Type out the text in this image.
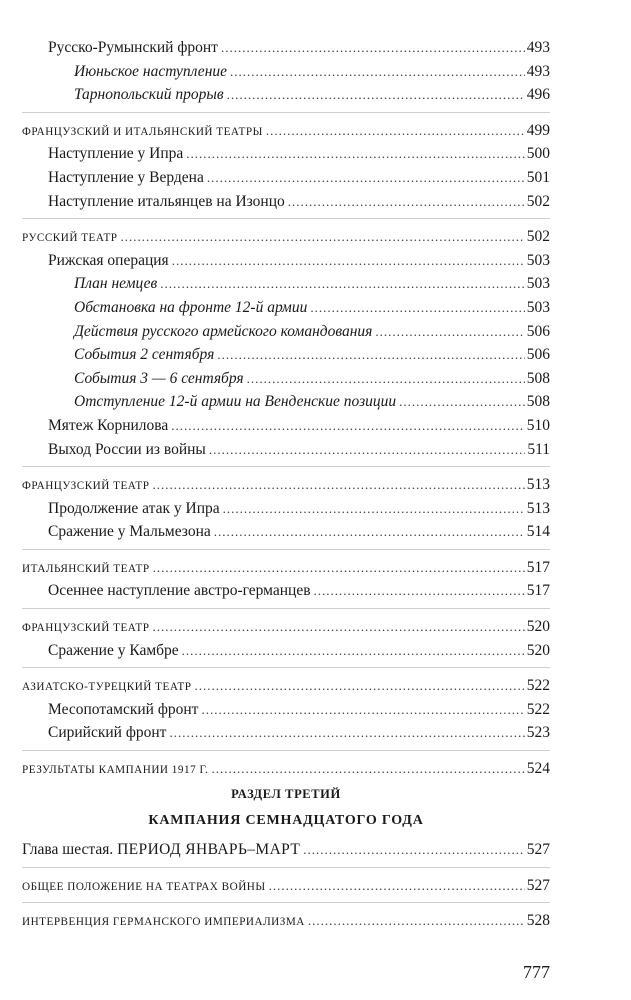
Русско-Румынский фронт .....	493
Июньское наступление .....	493
Тарнопольский прорыв .....	496
ФРАНЦУЗСКИЙ И ИТАЛЬЯНСКИЙ ТЕАТРЫ .....	499
Наступление у Ипра .....	500
Наступление у Вердена .....	501
Наступление итальянцев на Изонцо .....	502
РУССКИЙ ТЕАТР .....	502
Рижская операция .....	503
План немцев .....	503
Обстановка на фронте 12-й армии .....	503
Действия русского армейского командования .....	506
События 2 сентября .....	506
События 3 — 6 сентября .....	508
Отступление 12-й армии на Венденские позиции .....	508
Мятеж Корнилова .....	510
Выход России из войны .....	511
ФРАНЦУЗСКИЙ ТЕАТР .....	513
Продолжение атак у Ипра .....	513
Сражение у Мальмезона .....	514
ИТАЛЬЯНСКИЙ ТЕАТР .....	517
Осеннее наступление австро-германцев .....	517
ФРАНЦУЗСКИЙ ТЕАТР .....	520
Сражение у Камбре .....	520
АЗИАТСКО-ТУРЕЦКИЙ ТЕАТР .....	522
Месопотамский фронт .....	522
Сирийский фронт .....	523
РЕЗУЛЬТАТЫ КАМПАНИИ 1917 Г. .....	524
РАЗДЕЛ ТРЕТИЙ
КАМПАНИЯ СЕМНАДЦАТОГО ГОДА
Глава шестая. ПЕРИОД ЯНВАРЬ–МАРТ .....	527
ОБЩЕЕ ПОЛОЖЕНИЕ НА ТЕАТРАХ ВОЙНЫ .....	527
ИНТЕРВЕНЦИЯ ГЕРМАНСКОГО ИМПЕРИАЛИЗМА .....	528
777
